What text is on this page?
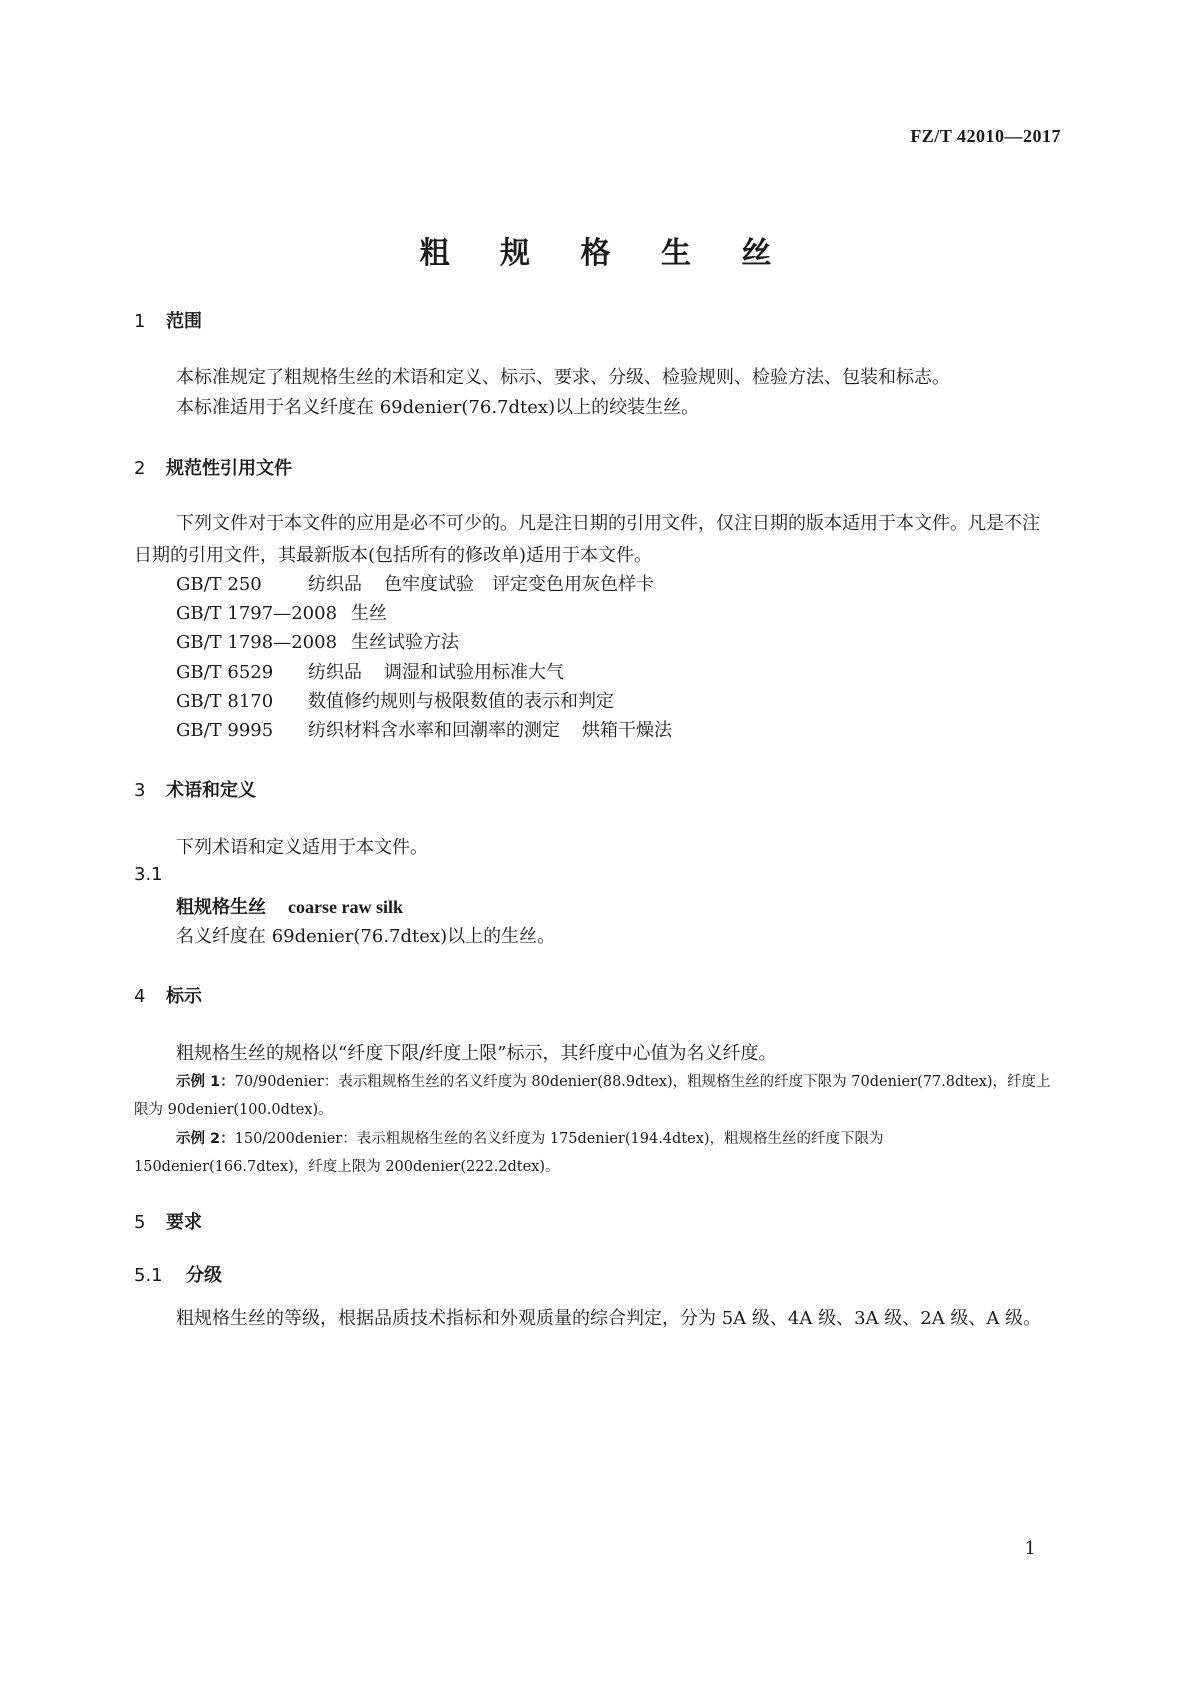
FZ/T 42010—2017
粗 规 格 生 丝
1 范围
本标准规定了粗规格生丝的术语和定义、标示、要求、分级、检验规则、检验方法、包装和标志。
本标准适用于名义纤度在 69denier(76.7dtex)以上的绞装生丝。
2 规范性引用文件
下列文件对于本文件的应用是必不可少的。凡是注日期的引用文件，仅注日期的版本适用于本文件。凡是不注日期的引用文件，其最新版本(包括所有的修改单)适用于本文件。
GB/T 250	纺织品 色牢度试验　评定变色用灰色样卡
GB/T 1797—2008 生丝
GB/T 1798—2008 生丝试验方法
GB/T 6529 纺织品 调湿和试验用标准大气
GB/T 8170 数值修约规则与极限数值的表示和判定
GB/T 9995 纺织材料含水率和回潮率的测定 烘箱干燥法
3 术语和定义
下列术语和定义适用于本文件。
3.1
粗规格生丝 coarse raw silk
名义纤度在 69denier(76.7dtex)以上的生丝。
4 标示
粗规格生丝的规格以“纤度下限/纤度上限”标示，其纤度中心值为名义纤度。
示例 1：70/90denier：表示粗规格生丝的名义纤度为 80denier(88.9dtex)，粗规格生丝的纤度下限为 70denier(77.8dtex)，纤度上限为 90denier(100.0dtex)。
示例 2：150/200denier：表示粗规格生丝的名义纤度为 175denier(194.4dtex)，粗规格生丝的纤度下限为 150denier(166.7dtex)，纤度上限为 200denier(222.2dtex)。
5 要求
5.1 分级
粗规格生丝的等级，根据品质技术指标和外观质量的综合判定，分为 5A 级、4A 级、3A 级、2A 级、A 级。
1
